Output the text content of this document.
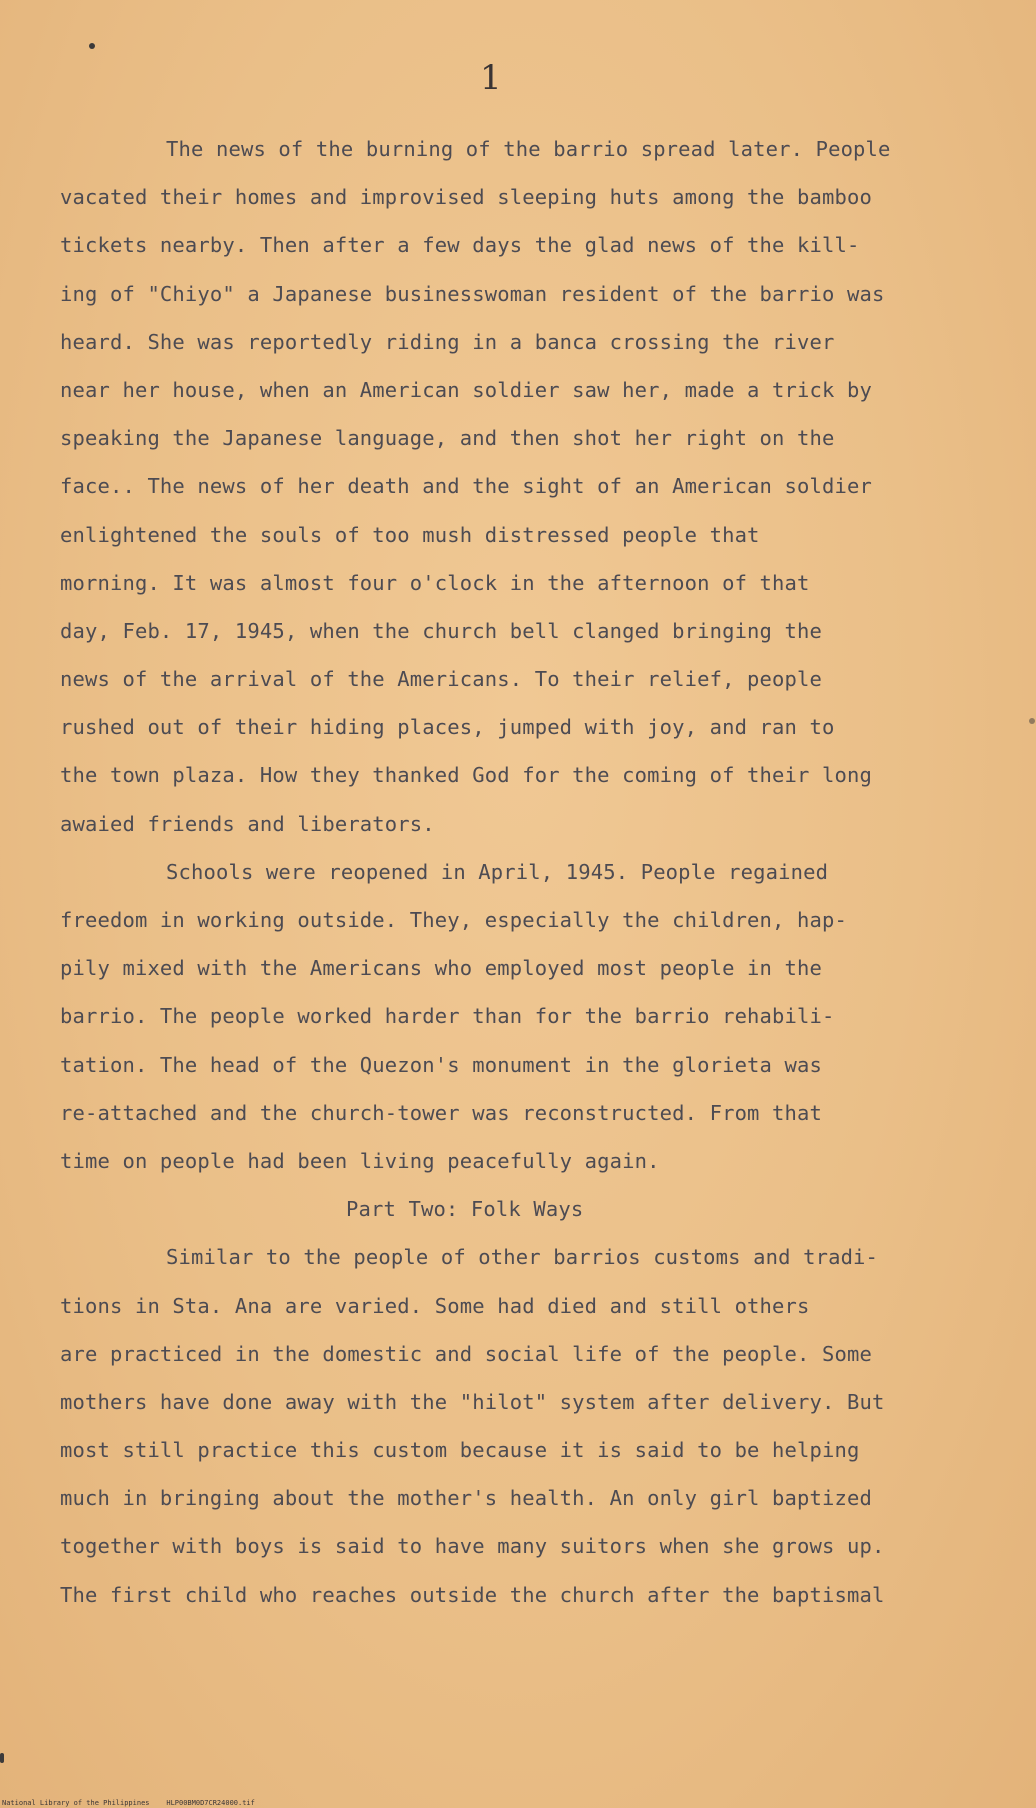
1
The news of the burning of the barrio spread later. People
vacated their homes and improvised sleeping huts among the bamboo
tickets nearby. Then after a few days the glad news of the kill-
ing of "Chiyo" a Japanese businesswoman resident of the barrio was
heard. She was reportedly riding in a banca crossing the river
near her house, when an American soldier saw her, made a trick by
speaking the Japanese language, and then shot her right on the
face.. The news of her death and the sight of an American soldier
enlightened the souls of too mush distressed people that
morning. It was almost four o'clock in the afternoon of that
day, Feb. 17, 1945, when the church bell clanged bringing the
news of the arrival of the Americans. To their relief, people
rushed out of their hiding places, jumped with joy, and ran to
the town plaza. How they thanked God for the coming of their long
awaied friends and liberators.
Schools were reopened in April, 1945. People regained
freedom in working outside. They, especially the children, hap-
pily mixed with the Americans who employed most people in the
barrio. The people worked harder than for the barrio rehabili-
tation. The head of the Quezon's monument in the glorieta was
re-attached and the church-tower was reconstructed. From that
time on people had been living peacefully again.
Part Two: Folk Ways
Similar to the people of other barrios customs and tradi-
tions in Sta. Ana are varied. Some had died and still others
are practiced in the domestic and social life of the people. Some
mothers have done away with the "hilot" system after delivery. But
most still practice this custom because it is said to be helping
much in bringing about the mother's health. An only girl baptized
together with boys is said to have many suitors when she grows up.
The first child who reaches outside the church after the baptismal
National Library of the Philippines    HLP00BM0D7CR24000.tif
